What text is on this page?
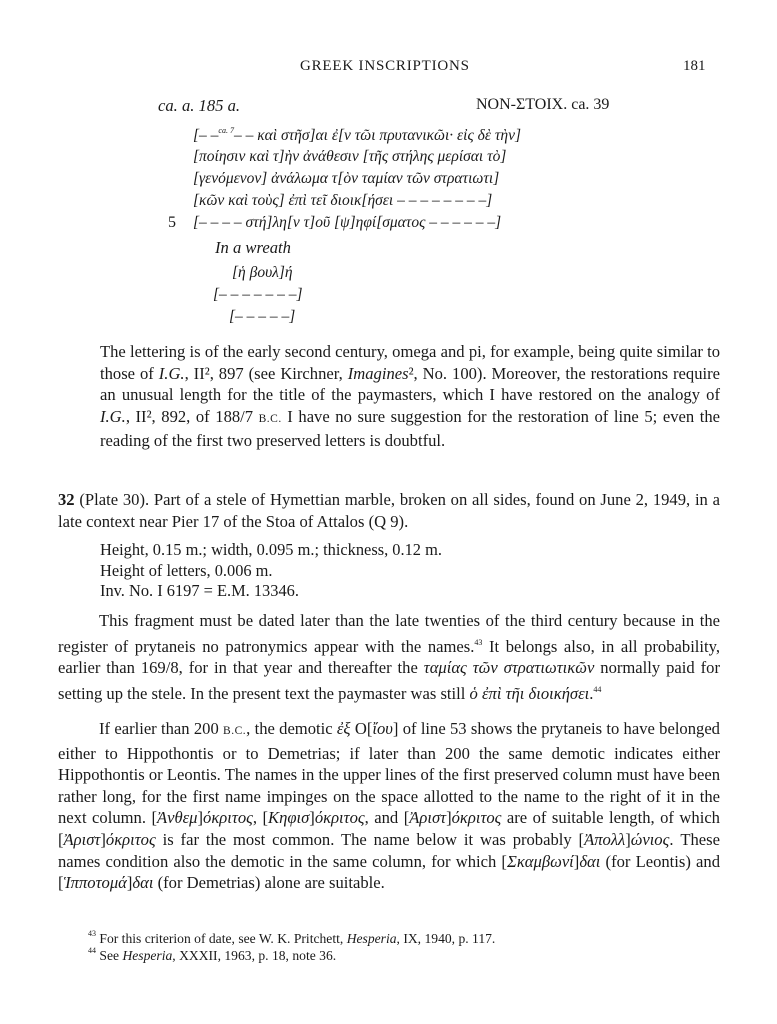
GREEK INSCRIPTIONS	181
ca. a. 185 a.	NON-ΣTOIX. ca. 39
[– –$^{ca. 7}$– – καὶ στῆσ]αι ἐ[ν τῶι πρυτανικῶι· εἰς δὲ τὴν]
[ποίησιν καὶ τ]ὴν ἀνάθεσιν [τῆς στήλης μερίσαι τὸ]
[γενόμενον] ἀνάλωμα τ[ὸν ταμίαν τῶν στρατιωτι]
[κῶν καὶ τοὺς] ἐπὶ τεῖ διοικ[ήσει – – – – – – – –]
5 [– – – – στή]λη[ν τ]οῦ [ψ]ηφί[σματος – – – – – –]
In a wreath
[ἡ βουλ]ή
[– – – – – – –]
[– – – – –]

The lettering is of the early second century, omega and pi, for example, being quite similar to those of I.G., II², 897 (see Kirchner, Imagines², No. 100). Moreover, the restorations require an unusual length for the title of the paymasters, which I have restored on the analogy of I.G., II², 892, of 188/7 B.C. I have no sure suggestion for the restoration of line 5; even the reading of the first two preserved letters is doubtful.

32 (Plate 30). Part of a stele of Hymettian marble, broken on all sides, found on June 2, 1949, in a late context near Pier 17 of the Stoa of Attalos (Q 9).

Height, 0.15 m.; width, 0.095 m.; thickness, 0.12 m.
Height of letters, 0.006 m.
Inv. No. I 6197 = E.M. 13346.

This fragment must be dated later than the late twenties of the third century because in the register of prytaneis no patronymics appear with the names.$^{43}$ It belongs also, in all probability, earlier than 169/8, for in that year and thereafter the ταμίας τῶν στρατιωτικῶν normally paid for setting up the stele. In the present text the paymaster was still ὁ ἐπὶ τῆι διοικήσει.$^{44}$

If earlier than 200 B.C., the demotic ἐξ Ο[ἴου] of line 53 shows the prytaneis to have belonged either to Hippothontis or to Demetrias; if later than 200 the same demotic indicates either Hippothontis or Leontis. The names in the upper lines of the first preserved column must have been rather long, for the first name impinges on the space allotted to the name to the right of it in the next column. [Ἀνθεμ]όκριτος, [Κηφισ]όκριτος, and [Ἀριστ]όκριτος are of suitable length, of which [Ἀριστ]όκριτος is far the most common. The name below it was probably [Ἀπολλ]ώνιος. These names condition also the demotic in the same column, for which [Σκαμβωνί]δαι (for Leontis) and [Ἱπποτομά]δαι (for Demetrias) alone are suitable.

$^{43}$ For this criterion of date, see W. K. Pritchett, Hesperia, IX, 1940, p. 117.
$^{44}$ See Hesperia, XXXII, 1963, p. 18, note 36.
